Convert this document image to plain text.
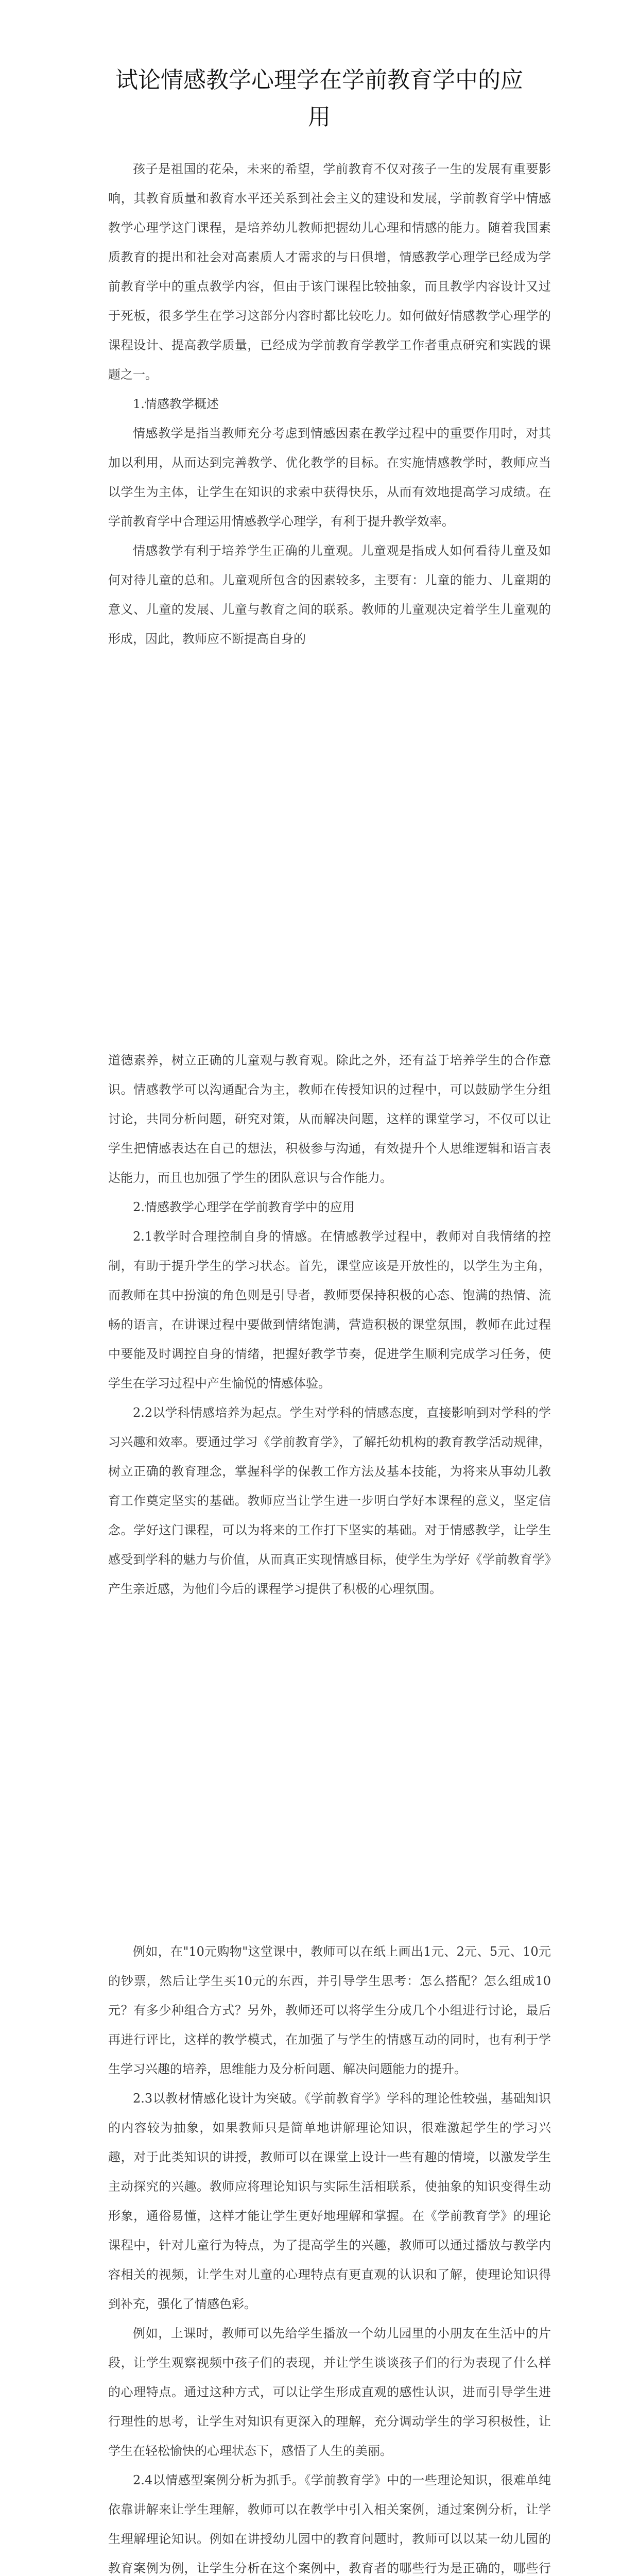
试论情感教学心理学在学前教育学中的应
用

孩子是祖国的花朵，未来的希望，学前教育不仅对孩子一生的发展有重要影响，其教育质量和教育水平还关系到社会主义的建设和发展，学前教育学中情感教学心理学这门课程，是培养幼儿教师把握幼儿心理和情感的能力。随着我国素质教育的提出和社会对高素质人才需求的与日俱增，情感教学心理学已经成为学前教育学中的重点教学内容，但由于该门课程比较抽象，而且教学内容设计又过于死板，很多学生在学习这部分内容时都比较吃力。如何做好情感教学心理学的课程设计、提高教学质量，已经成为学前教育学教学工作者重点研究和实践的课题之一。

1.情感教学概述

情感教学是指当教师充分考虑到情感因素在教学过程中的重要作用时，对其加以利用，从而达到完善教学、优化教学的目标。在实施情感教学时，教师应当以学生为主体，让学生在知识的求索中获得快乐，从而有效地提高学习成绩。在学前教育学中合理运用情感教学心理学，有利于提升教学效率。

情感教学有利于培养学生正确的儿童观。儿童观是指成人如何看待儿童及如何对待儿童的总和。儿童观所包含的因素较多，主要有：儿童的能力、儿童期的意义、儿童的发展、儿童与教育之间的联系。教师的儿童观决定着学生儿童观的形成，因此，教师应不断提高自身的

道德素养，树立正确的儿童观与教育观。除此之外，还有益于培养学生的合作意识。情感教学可以沟通配合为主，教师在传授知识的过程中，可以鼓励学生分组讨论，共同分析问题，研究对策，从而解决问题，这样的课堂学习，不仅可以让学生把情感表达在自己的想法，积极参与沟通，有效提升个人思维逻辑和语言表达能力，而且也加强了学生的团队意识与合作能力。

2.情感教学心理学在学前教育学中的应用

2.1教学时合理控制自身的情感。在情感教学过程中，教师对自我情绪的控制，有助于提升学生的学习状态。首先，课堂应该是开放性的，以学生为主角，而教师在其中扮演的角色则是引导者，教师要保持积极的心态、饱满的热情、流畅的语言，在讲课过程中要做到情绪饱满，营造积极的课堂氛围，教师在此过程中要能及时调控自身的情绪，把握好教学节奏，促进学生顺利完成学习任务，使学生在学习过程中产生愉悦的情感体验。

2.2以学科情感培养为起点。学生对学科的情感态度，直接影响到对学科的学习兴趣和效率。要通过学习《学前教育学》，了解托幼机构的教育教学活动规律，树立正确的教育理念，掌握科学的保教工作方法及基本技能，为将来从事幼儿教育工作奠定坚实的基础。教师应当让学生进一步明白学好本课程的意义，坚定信念。学好这门课程，可以为将来的工作打下坚实的基础。对于情感教学，让学生感受到学科的魅力与价值，从而真正实现情感目标，使学生为学好《学前教育学》产生亲近感，为他们今后的课程学习提供了积极的心理氛围。

例如，在"10元购物"这堂课中，教师可以在纸上画出1元、2元、5元、10元的钞票，然后让学生买10元的东西，并引导学生思考：怎么搭配？怎么组成10元？有多少种组合方式？另外，教师还可以将学生分成几个小组进行讨论，最后再进行评比，这样的教学模式，在加强了与学生的情感互动的同时，也有利于学生学习兴趣的培养，思维能力及分析问题、解决问题能力的提升。

2.3以教材情感化设计为突破。《学前教育学》学科的理论性较强，基础知识的内容较为抽象，如果教师只是简单地讲解理论知识，很难激起学生的学习兴趣，对于此类知识的讲授，教师可以在课堂上设计一些有趣的情境，以激发学生主动探究的兴趣。教师应将理论知识与实际生活相联系，使抽象的知识变得生动形象，通俗易懂，这样才能让学生更好地理解和掌握。在《学前教育学》的理论课程中，针对儿童行为特点，为了提高学生的兴趣，教师可以通过播放与教学内容相关的视频，让学生对儿童的心理特点有更直观的认识和了解，使理论知识得到补充，强化了情感色彩。

例如，上课时，教师可以先给学生播放一个幼儿园里的小朋友在生活中的片段，让学生观察视频中孩子们的表现，并让学生谈谈孩子们的行为表现了什么样的心理特点。通过这种方式，可以让学生形成直观的感性认识，进而引导学生进行理性的思考，让学生对知识有更深入的理解，充分调动学生的学习积极性，让学生在轻松愉快的心理状态下，感悟了人生的美丽。

2.4以情感型案例分析为抓手。《学前教育学》中的一些理论知识，很难单纯依靠讲解来让学生理解，教师可以在教学中引入相关案例，通过案例分析，让学生理解理论知识。例如在讲授幼儿园中的教育问题时，教师可以以某一幼儿园的教育案例为例，让学生分析在这个案例中，教育者的哪些行为是正确的，哪些行
